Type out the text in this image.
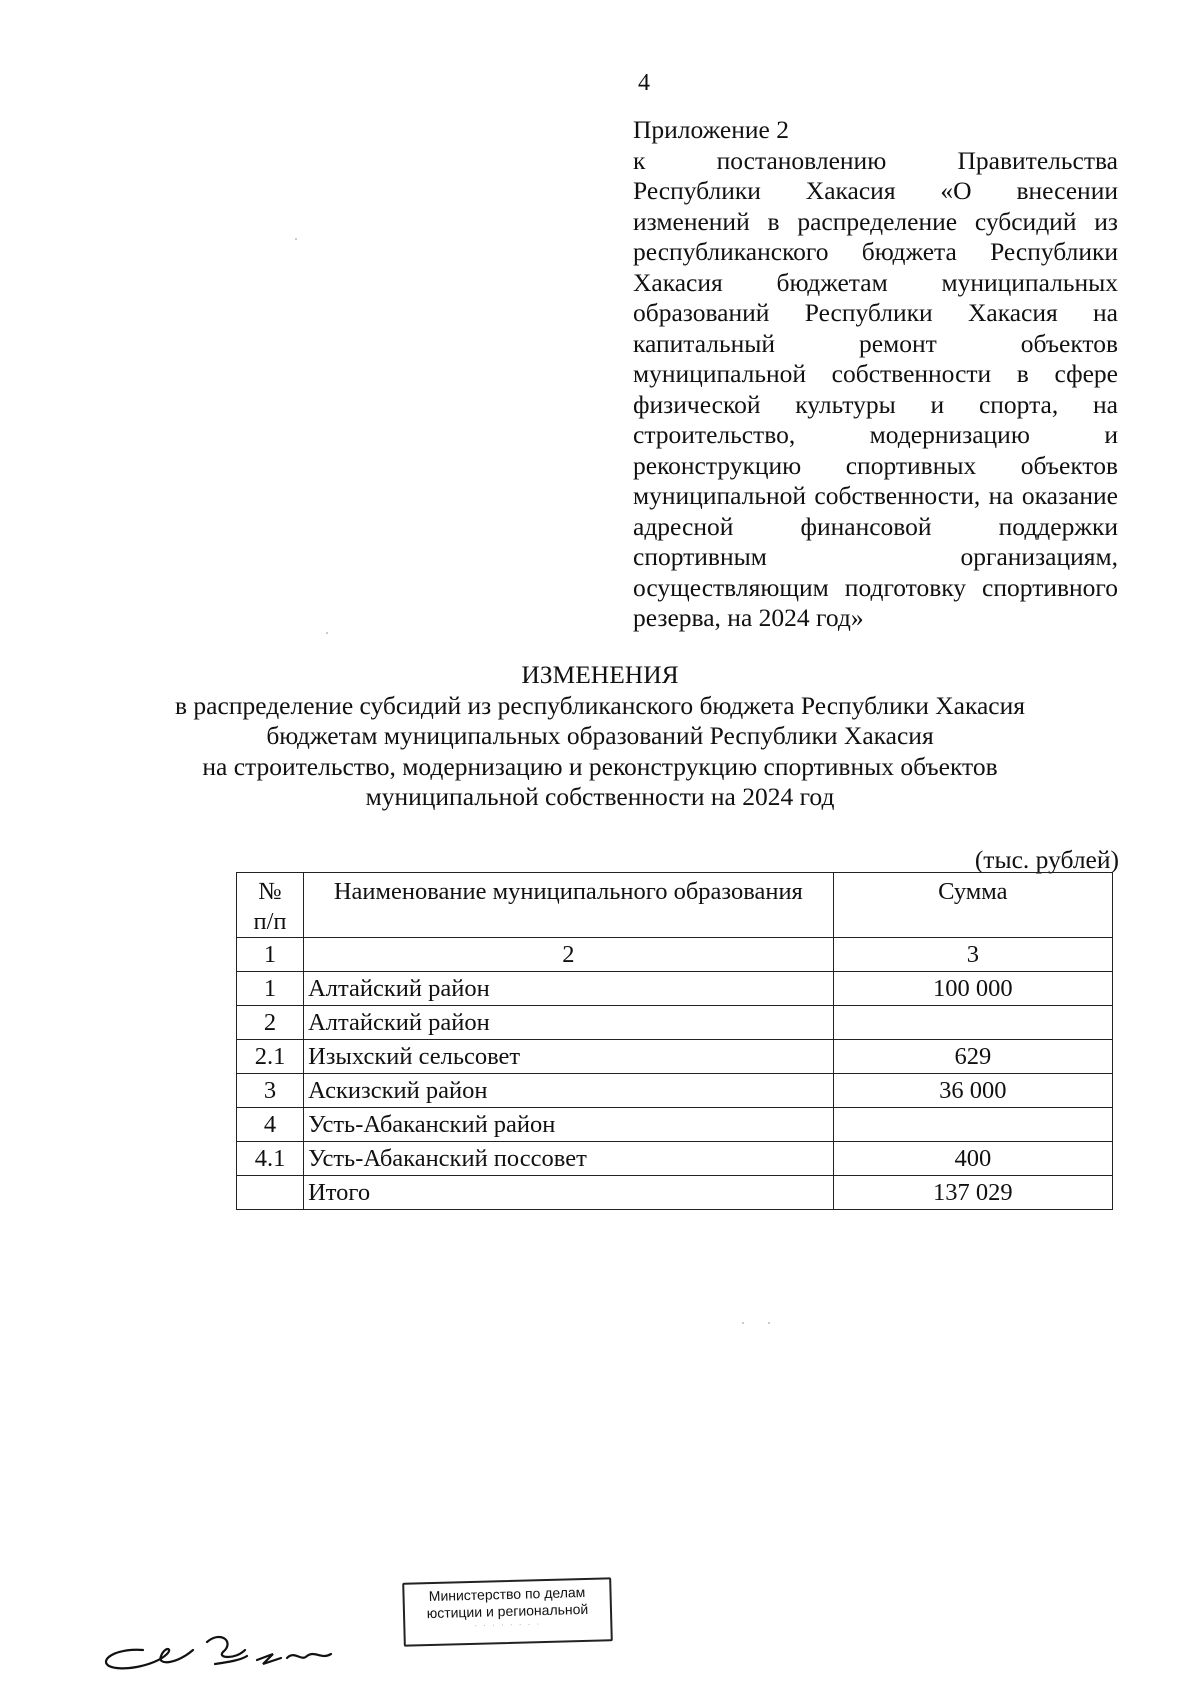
4

Приложение 2

к постановлению Правительства Республики Хакасия «О внесении изменений в распределение субсидий из республиканского бюджета Республики Хакасия бюджетам муниципальных образований Республики Хакасия на капитальный ремонт объектов муниципальной собственности в сфере физической культуры и спорта, на строительство, модернизацию и реконструкцию спортивных объектов муниципальной собственности, на оказание адресной финансовой поддержки спортивным организациям, осуществляющим подготовку спортивного резерва, на 2024 год»

ИЗМЕНЕНИЯ
в распределение субсидий из республиканского бюджета Республики Хакасия
бюджетам муниципальных образований Республики Хакасия
на строительство, модернизацию и реконструкцию спортивных объектов
муниципальной собственности на 2024 год
(тыс. рублей)
№
п/п	Наименование муниципального образования	Сумма
1	2	3
1	Алтайский район	100 000
2	Алтайский район	
2.1	Изыхский сельсовет	629
3	Аскизский район	36 000
4	Усть-Абаканский район	
4.1	Усть-Абаканский поссовет	400
	Итого	137 029
Министерство по делам
юстиции и региональной
· · · · · · · ·
